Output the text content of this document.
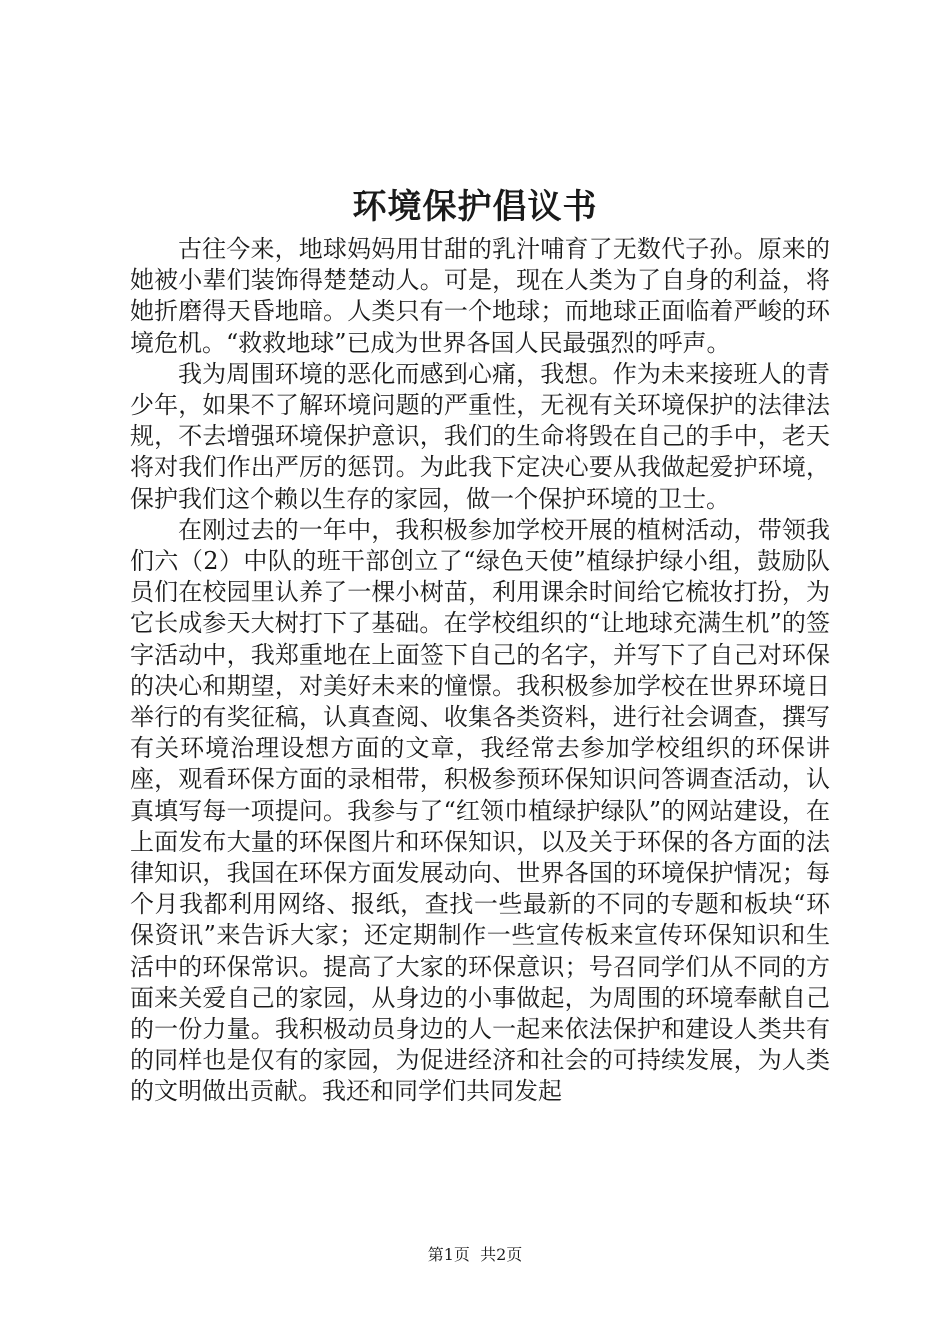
环境保护倡议书

古往今来，地球妈妈用甘甜的乳汁哺育了无数代子孙。原来的她被小辈们装饰得楚楚动人。可是，现在人类为了自身的利益，将她折磨得天昏地暗。人类只有一个地球；而地球正面临着严峻的环境危机。“救救地球”已成为世界各国人民最强烈的呼声。

我为周围环境的恶化而感到心痛，我想。作为未来接班人的青少年，如果不了解环境问题的严重性，无视有关环境保护的法律法规，不去增强环境保护意识，我们的生命将毁在自己的手中，老天将对我们作出严厉的惩罚。为此我下定决心要从我做起爱护环境，保护我们这个赖以生存的家园，做一个保护环境的卫士。

在刚过去的一年中，我积极参加学校开展的植树活动，带领我们六（2）中队的班干部创立了“绿色天使”植绿护绿小组，鼓励队员们在校园里认养了一棵小树苗，利用课余时间给它梳妆打扮，为它长成参天大树打下了基础。在学校组织的“让地球充满生机”的签字活动中，我郑重地在上面签下自己的名字，并写下了自己对环保的决心和期望，对美好未来的憧憬。我积极参加学校在世界环境日举行的有奖征稿，认真查阅、收集各类资料，进行社会调查，撰写有关环境治理设想方面的文章，我经常去参加学校组织的环保讲座，观看环保方面的录相带，积极参预环保知识问答调查活动，认真填写每一项提问。我参与了“红领巾植绿护绿队”的网站建设，在上面发布大量的环保图片和环保知识，以及关于环保的各方面的法律知识，我国在环保方面发展动向、世界各国的环境保护情况；每个月我都利用网络、报纸，查找一些最新的不同的专题和板块“环保资讯”来告诉大家；还定期制作一些宣传板来宣传环保知识和生活中的环保常识。提高了大家的环保意识；号召同学们从不同的方面来关爱自己的家园，从身边的小事做起，为周围的环境奉献自己的一份力量。我积极动员身边的人一起来依法保护和建设人类共有的同样也是仅有的家园，为促进经济和社会的可持续发展，为人类的文明做出贡献。我还和同学们共同发起

第1页  共2页
